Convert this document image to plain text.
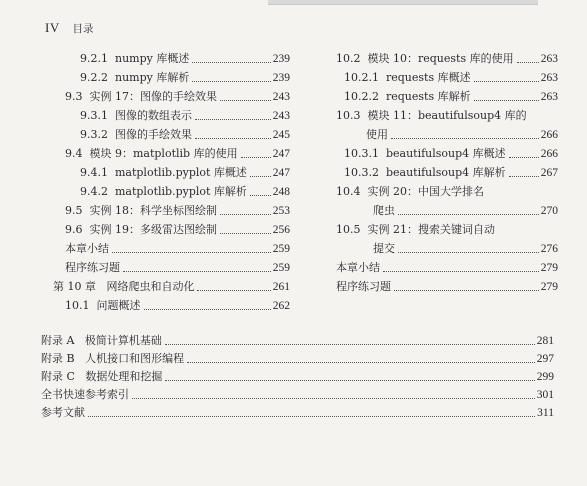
IV 目录
9.2.1  numpy 库概述	239
9.2.2  numpy 库解析	239
9.3  实例 17：图像的手绘效果	243
9.3.1  图像的数组表示	243
9.3.2  图像的手绘效果	245
9.4  模块 9：matplotlib 库的使用	247
9.4.1  matplotlib.pyplot 库概述 247
9.4.2  matplotlib.pyplot 库解析 248
9.5  实例 18：科学坐标图绘制	253
9.6  实例 19：多级雷达图绘制	256
本章小结	259
程序练习题	259
第 10 章   网络爬虫和自动化	261
10.1  问题概述	262
10.2  模块 10：requests 库的使用 263
10.2.1  requests 库概述	263
10.2.2  requests 库解析	263
10.3  模块 11：beautifulsoup4 库的
使用	266
10.3.1  beautifulsoup4 库概述	266
10.3.2  beautifulsoup4 库解析	267
10.4  实例 20：中国大学排名
爬虫	270
10.5  实例 21：搜索关键词自动
提交	276
本章小结	279
程序练习题	279
附录 A   极简计算机基础	281
附录 B   人机接口和图形编程	297
附录 C   数据处理和挖掘	299
全书快速参考索引	301
参考文献	311
